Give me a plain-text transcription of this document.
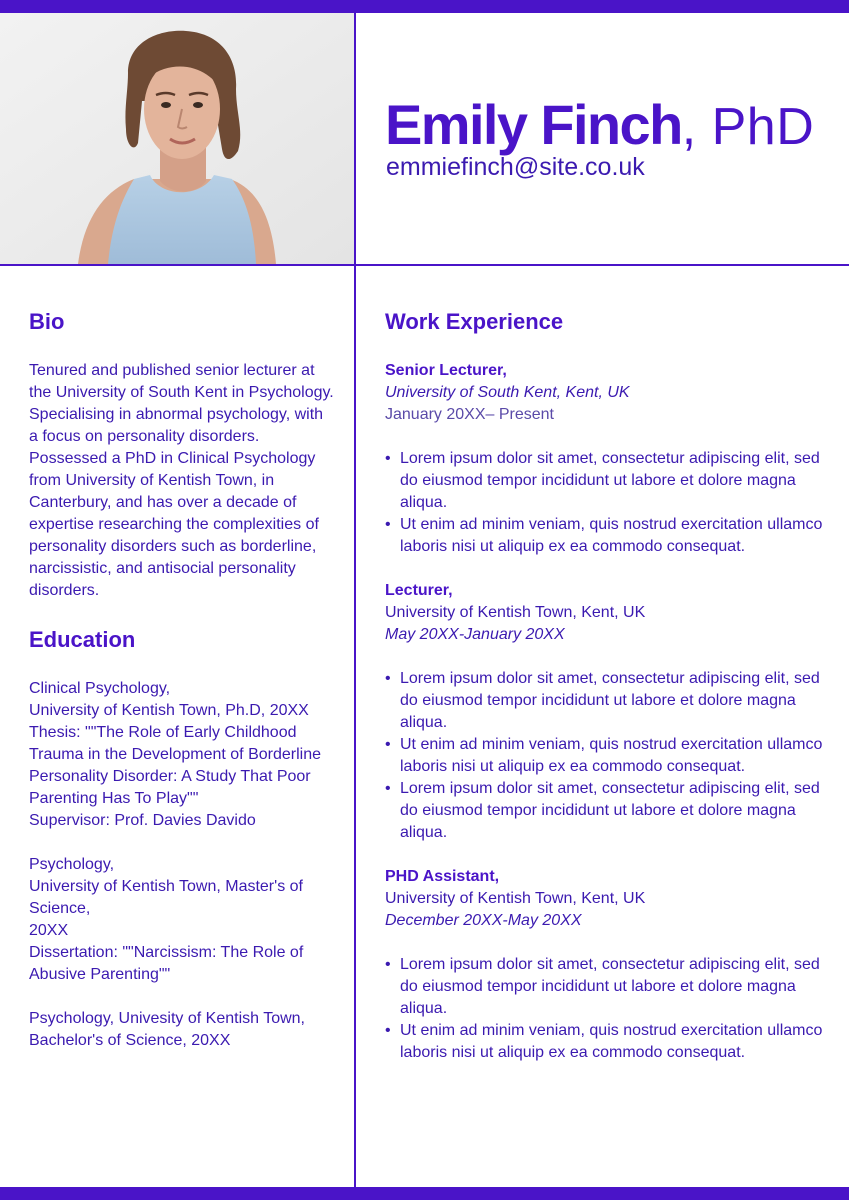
Emily Finch, PhD
emmiefinch@site.co.uk
Bio

Tenured and published senior lecturer at the University of South Kent in Psychology. Specialising in abnormal psychology, with a focus on personality disorders. Possessed a PhD in Clinical Psychology from University of Kentish Town, in Canterbury, and has over a decade of expertise researching the complexities of personality disorders such as borderline, narcissistic, and antisocial personality disorders.

Education

Clinical Psychology,

University of Kentish Town, Ph.D, 20XX

Thesis: ""The Role of Early Childhood Trauma in the Development of Borderline Personality Disorder: A Study That Poor Parenting Has To Play""

Supervisor: Prof. Davies Davido

Psychology,

University of Kentish Town, Master's of Science,

20XX

Dissertation: ""Narcissism: The Role of Abusive Parenting""

Psychology, Univesity of Kentish Town, Bachelor's of Science, 20XX

Work Experience

Senior Lecturer,

University of South Kent, Kent, UK

January 20XX– Present

• Lorem ipsum dolor sit amet, consectetur adipiscing elit, sed do eiusmod tempor incididunt ut labore et dolore magna aliqua.
• Ut enim ad minim veniam, quis nostrud exercitation ullamco laboris nisi ut aliquip ex ea commodo consequat.

Lecturer,

University of Kentish Town, Kent, UK

May 20XX-January 20XX

• Lorem ipsum dolor sit amet, consectetur adipiscing elit, sed do eiusmod tempor incididunt ut labore et dolore magna aliqua.
• Ut enim ad minim veniam, quis nostrud exercitation ullamco laboris nisi ut aliquip ex ea commodo consequat.
• Lorem ipsum dolor sit amet, consectetur adipiscing elit, sed do eiusmod tempor incididunt ut labore et dolore magna aliqua.

PHD Assistant,

University of Kentish Town, Kent, UK

December 20XX-May 20XX

• Lorem ipsum dolor sit amet, consectetur adipiscing elit, sed do eiusmod tempor incididunt ut labore et dolore magna aliqua.
• Ut enim ad minim veniam, quis nostrud exercitation ullamco laboris nisi ut aliquip ex ea commodo consequat.
